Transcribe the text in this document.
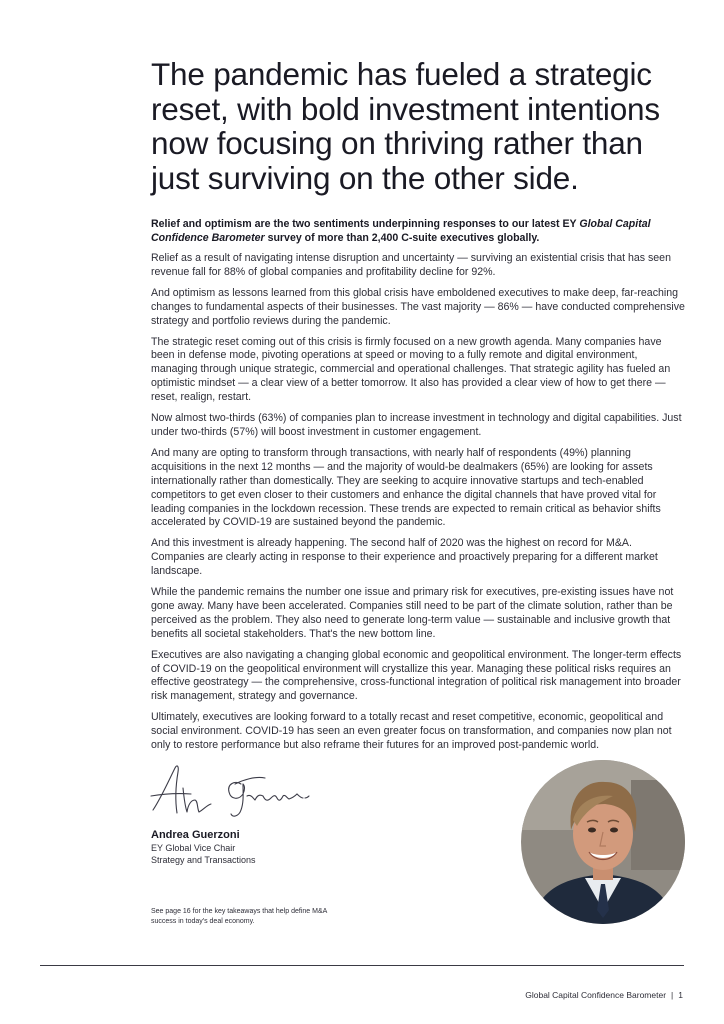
The pandemic has fueled a strategic reset, with bold investment intentions now focusing on thriving rather than just surviving on the other side.

Relief and optimism are the two sentiments underpinning responses to our latest EY Global Capital Confidence Barometer survey of more than 2,400 C-suite executives globally.

Relief as a result of navigating intense disruption and uncertainty — surviving an existential crisis that has seen revenue fall for 88% of global companies and profitability decline for 92%.

And optimism as lessons learned from this global crisis have emboldened executives to make deep, far-reaching changes to fundamental aspects of their businesses. The vast majority — 86% — have conducted comprehensive strategy and portfolio reviews during the pandemic.

The strategic reset coming out of this crisis is firmly focused on a new growth agenda. Many companies have been in defense mode, pivoting operations at speed or moving to a fully remote and digital environment, managing through unique strategic, commercial and operational challenges. That strategic agility has fueled an optimistic mindset — a clear view of a better tomorrow. It also has provided a clear view of how to get there — reset, realign, restart.

Now almost two-thirds (63%) of companies plan to increase investment in technology and digital capabilities. Just under two-thirds (57%) will boost investment in customer engagement.

And many are opting to transform through transactions, with nearly half of respondents (49%) planning acquisitions in the next 12 months — and the majority of would-be dealmakers (65%) are looking for assets internationally rather than domestically. They are seeking to acquire innovative startups and tech-enabled competitors to get even closer to their customers and enhance the digital channels that have proved vital for leading companies in the lockdown recession. These trends are expected to remain critical as behavior shifts accelerated by COVID-19 are sustained beyond the pandemic.

And this investment is already happening. The second half of 2020 was the highest on record for M&A. Companies are clearly acting in response to their experience and proactively preparing for a different market landscape.

While the pandemic remains the number one issue and primary risk for executives, pre-existing issues have not gone away. Many have been accelerated. Companies still need to be part of the climate solution, rather than be perceived as the problem. They also need to generate long-term value — sustainable and inclusive growth that benefits all societal stakeholders. That's the new bottom line.

Executives are also navigating a changing global economic and geopolitical environment. The longer-term effects of COVID-19 on the geopolitical environment will crystallize this year. Managing these political risks requires an effective geostrategy — the comprehensive, cross-functional integration of political risk management into broader risk management, strategy and governance.

Ultimately, executives are looking forward to a totally recast and reset competitive, economic, geopolitical and social environment. COVID-19 has seen an even greater focus on transformation, and companies now plan not only to restore performance but also reframe their futures for an improved post-pandemic world.

Andrea Guerzoni
EY Global Vice Chair
Strategy and Transactions
See page 16 for the key takeaways that help define M&A success in today's deal economy.
Global Capital Confidence Barometer | 1
